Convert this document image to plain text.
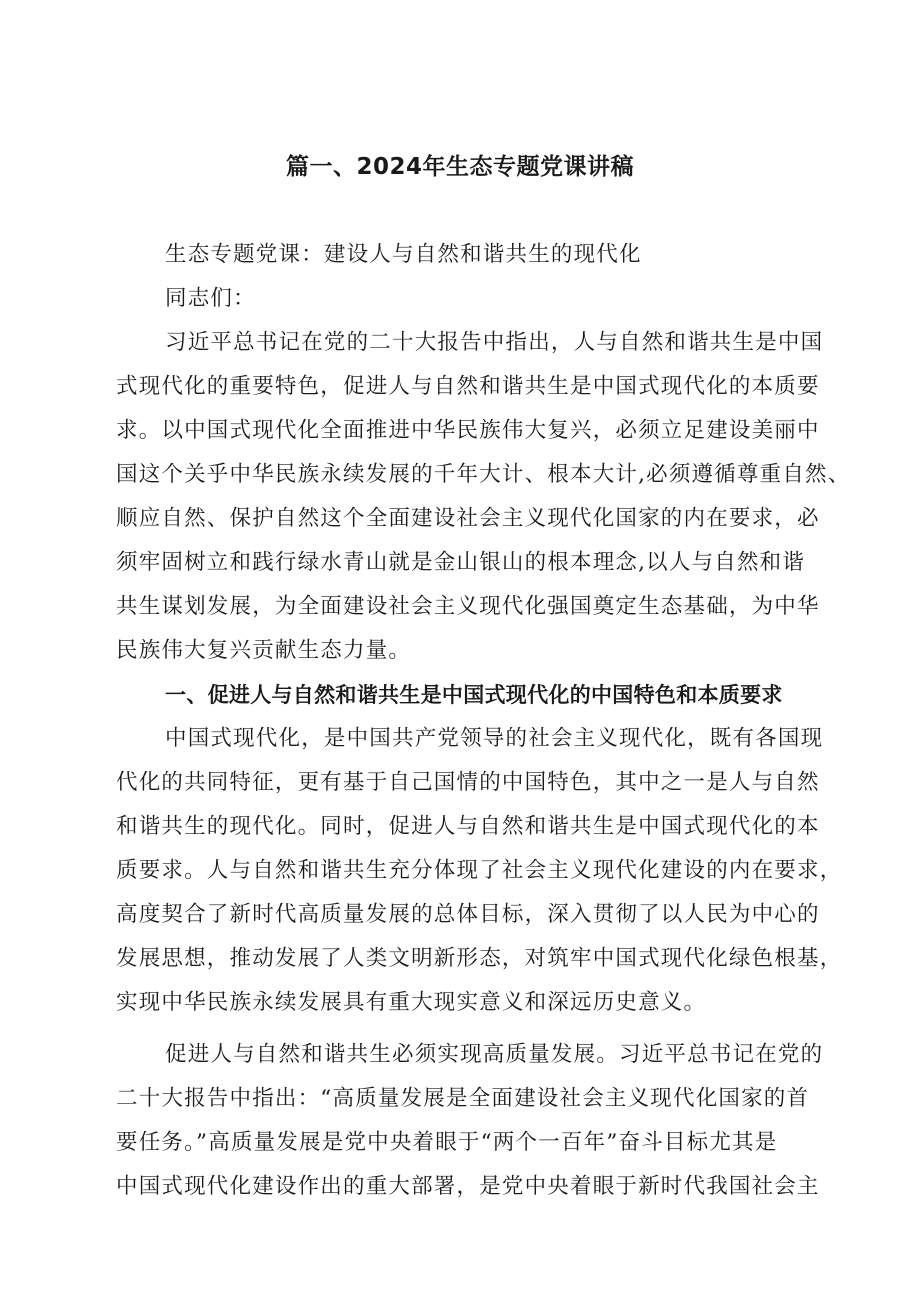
篇一、2024年生态专题党课讲稿
生态专题党课：建设人与自然和谐共生的现代化
同志们：
习近平总书记在党的二十大报告中指出，人与自然和谐共生是中国
式现代化的重要特色，促进人与自然和谐共生是中国式现代化的本质要
求。以中国式现代化全面推进中华民族伟大复兴，必须立足建设美丽中
国这个关乎中华民族永续发展的千年大计、根本大计,必须遵循尊重自然、
顺应自然、保护自然这个全面建设社会主义现代化国家的内在要求，必
须牢固树立和践行绿水青山就是金山银山的根本理念,以人与自然和谐
共生谋划发展，为全面建设社会主义现代化强国奠定生态基础，为中华
民族伟大复兴贡献生态力量。
一、促进人与自然和谐共生是中国式现代化的中国特色和本质要求
中国式现代化，是中国共产党领导的社会主义现代化，既有各国现
代化的共同特征，更有基于自己国情的中国特色，其中之一是人与自然
和谐共生的现代化。同时，促进人与自然和谐共生是中国式现代化的本
质要求。人与自然和谐共生充分体现了社会主义现代化建设的内在要求，
高度契合了新时代高质量发展的总体目标，深入贯彻了以人民为中心的
发展思想，推动发展了人类文明新形态，对筑牢中国式现代化绿色根基，
实现中华民族永续发展具有重大现实意义和深远历史意义。
促进人与自然和谐共生必须实现高质量发展。习近平总书记在党的
二十大报告中指出：“高质量发展是全面建设社会主义现代化国家的首
要任务。”高质量发展是党中央着眼于“两个一百年”奋斗目标尤其是
中国式现代化建设作出的重大部署，是党中央着眼于新时代我国社会主
